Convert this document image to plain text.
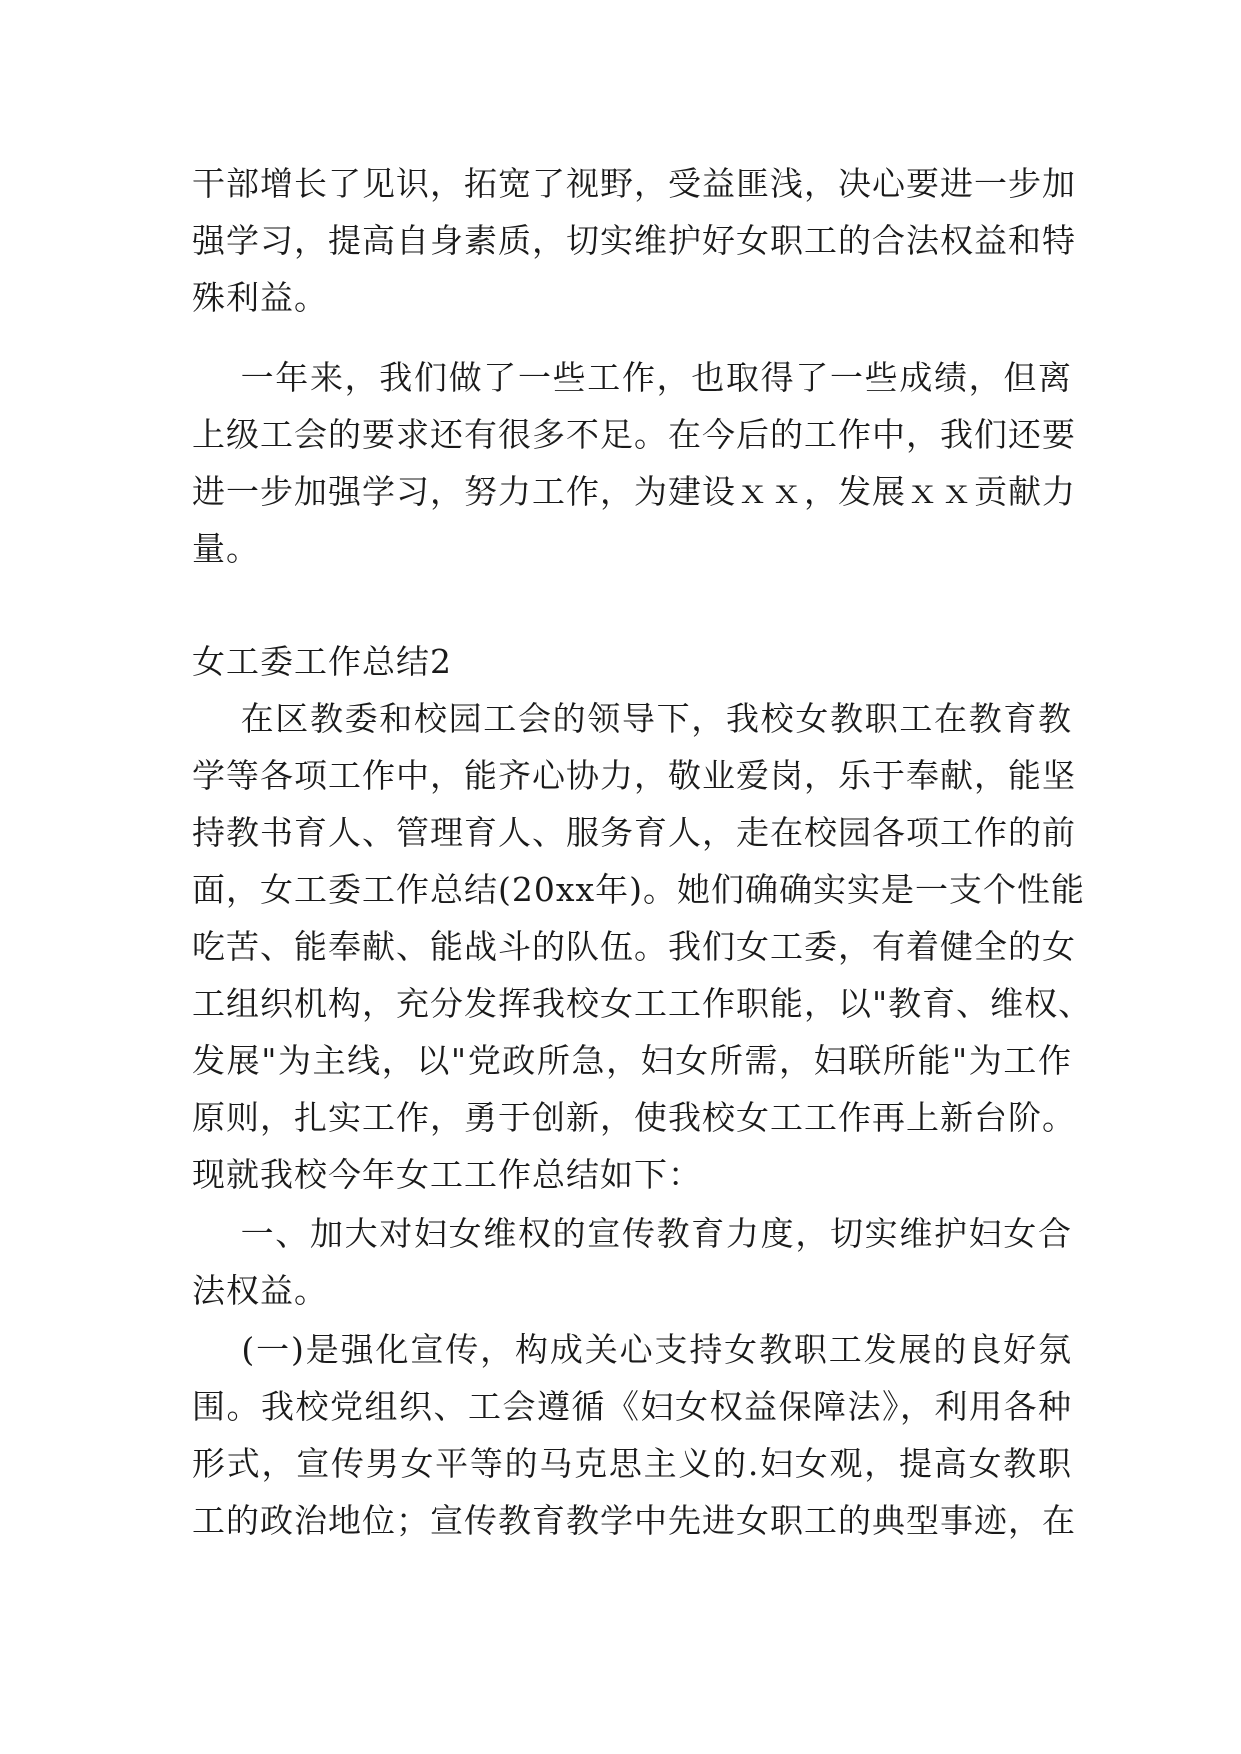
干部增长了见识，拓宽了视野，受益匪浅，决心要进一步加
强学习，提高自身素质，切实维护好女职工的合法权益和特
殊利益。
一年来，我们做了一些工作，也取得了一些成绩，但离
上级工会的要求还有很多不足。在今后的工作中，我们还要
进一步加强学习，努力工作，为建设ｘｘ，发展ｘｘ贡献力
量。
女工委工作总结2
在区教委和校园工会的领导下，我校女教职工在教育教
学等各项工作中，能齐心协力，敬业爱岗，乐于奉献，能坚
持教书育人、管理育人、服务育人，走在校园各项工作的前
面，女工委工作总结(20xx年)。她们确确实实是一支个性能
吃苦、能奉献、能战斗的队伍。我们女工委，有着健全的女
工组织机构，充分发挥我校女工工作职能，以"教育、维权、
发展"为主线，以"党政所急，妇女所需，妇联所能"为工作
原则，扎实工作，勇于创新，使我校女工工作再上新台阶。
现就我校今年女工工作总结如下：
一、加大对妇女维权的宣传教育力度，切实维护妇女合
法权益。
(一)是强化宣传，构成关心支持女教职工发展的良好氛
围。我校党组织、工会遵循《妇女权益保障法》，利用各种
形式，宣传男女平等的马克思主义的.妇女观，提高女教职
工的政治地位；宣传教育教学中先进女职工的典型事迹，在
